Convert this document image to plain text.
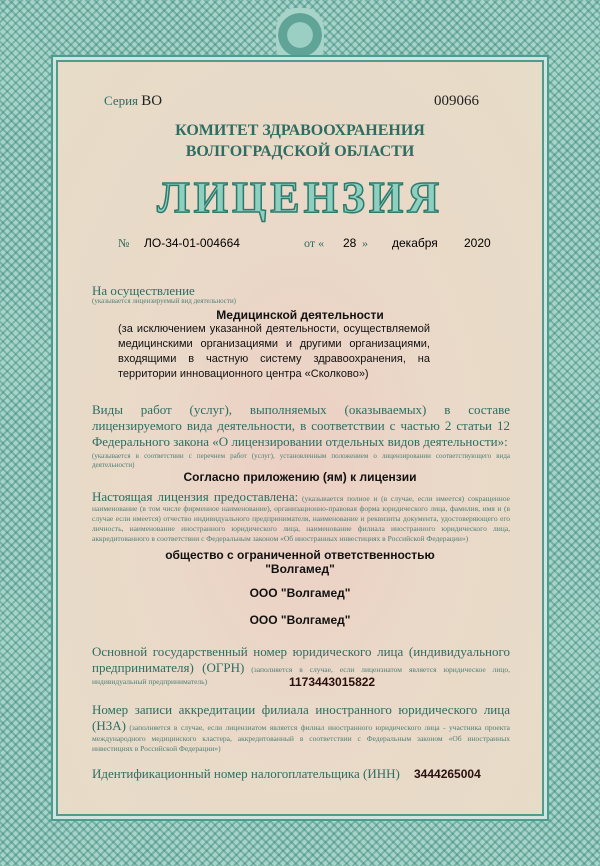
Серия ВО	009066
КОМИТЕТ ЗДРАВООХРАНЕНИЯ
ВОЛГОГРАДСКОЙ ОБЛАСТИ
ЛИЦЕНЗИЯ
№ ЛО-34-01-004664	от « 28 » декабря 2020
На осуществление
(указывается лицензируемый вид деятельности)
Медицинской деятельности
(за исключением указанной деятельности, осуществляемой медицинскими организациями и другими организациями, входящими в частную систему здравоохранения, на территории инновационного центра «Сколково»)
Виды работ (услуг), выполняемых (оказываемых) в составе лицензируемого вида деятельности, в соответствии с частью 2 статьи 12 Федерального закона «О лицензировании отдельных видов деятельности»:
(указывается в соответствии с перечнем работ (услуг), установленным положением о лицензировании соответствующего вида деятельности)
Согласно приложению (ям) к лицензии
Настоящая лицензия предоставлена: (указывается полное и (в случае, если имеется) сокращенное наименование (в том числе фирменное наименование), организационно-правовая форма юридического лица, фамилия, имя и (в случае если имеется) отчество индивидуального предпринимателя, наименование и реквизиты документа, удостоверяющего его личность, наименование иностранного юридического лица, наименование филиала иностранного юридического лица, аккредитованного в соответствии с Федеральным законом «Об иностранных инвестициях в Российской Федерации»)
общество с ограниченной ответственностью
"Волгамед"
ООО "Волгамед"
ООО "Волгамед"
Основной государственный номер юридического лица (индивидуального предпринимателя) (ОГРН) (заполняется в случае, если лицензиатом является юридическое лицо, индивидуальный предприниматель)	1173443015822
Номер записи аккредитации филиала иностранного юридического лица (НЗА) (заполняется в случае, если лицензиатом является филиал иностранного юридического лица - участника проекта международного медицинского кластера, аккредитованный в соответствии с Федеральным законом «Об иностранных инвестициях в Российской Федерации»)
Идентификационный номер налогоплательщика (ИНН) 3444265004
